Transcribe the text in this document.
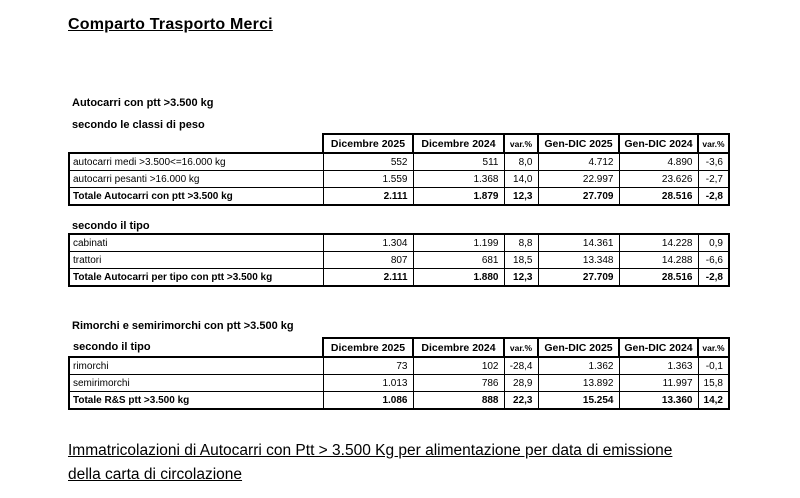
Comparto Trasporto Merci
Autocarri con ptt >3.500 kg
secondo le classi di peso
	Dicembre 2025	Dicembre 2024	var.%	Gen-DIC 2025	Gen-DIC 2024	var.%
autocarri medi >3.500<=16.000 kg	552	511	8,0	4.712	4.890	-3,6
autocarri pesanti >16.000 kg	1.559	1.368	14,0	22.997	23.626	-2,7
Totale Autocarri con ptt >3.500 kg	2.111	1.879	12,3	27.709	28.516	-2,8
secondo il tipo
cabinati	1.304	1.199	8,8	14.361	14.228	0,9
trattori	807	681	18,5	13.348	14.288	-6,6
Totale Autocarri per tipo con ptt >3.500 kg	2.111	1.880	12,3	27.709	28.516	-2,8
Rimorchi e semirimorchi con ptt >3.500 kg
secondo il tipo	Dicembre 2025	Dicembre 2024	var.%	Gen-DIC 2025	Gen-DIC 2024	var.%
rimorchi	73	102	-28,4	1.362	1.363	-0,1
semirimorchi	1.013	786	28,9	13.892	11.997	15,8
Totale R&S ptt >3.500 kg	1.086	888	22,3	15.254	13.360	14,2
Immatricolazioni di Autocarri con Ptt > 3.500 Kg per alimentazione per data di emissione
della carta di circolazione
